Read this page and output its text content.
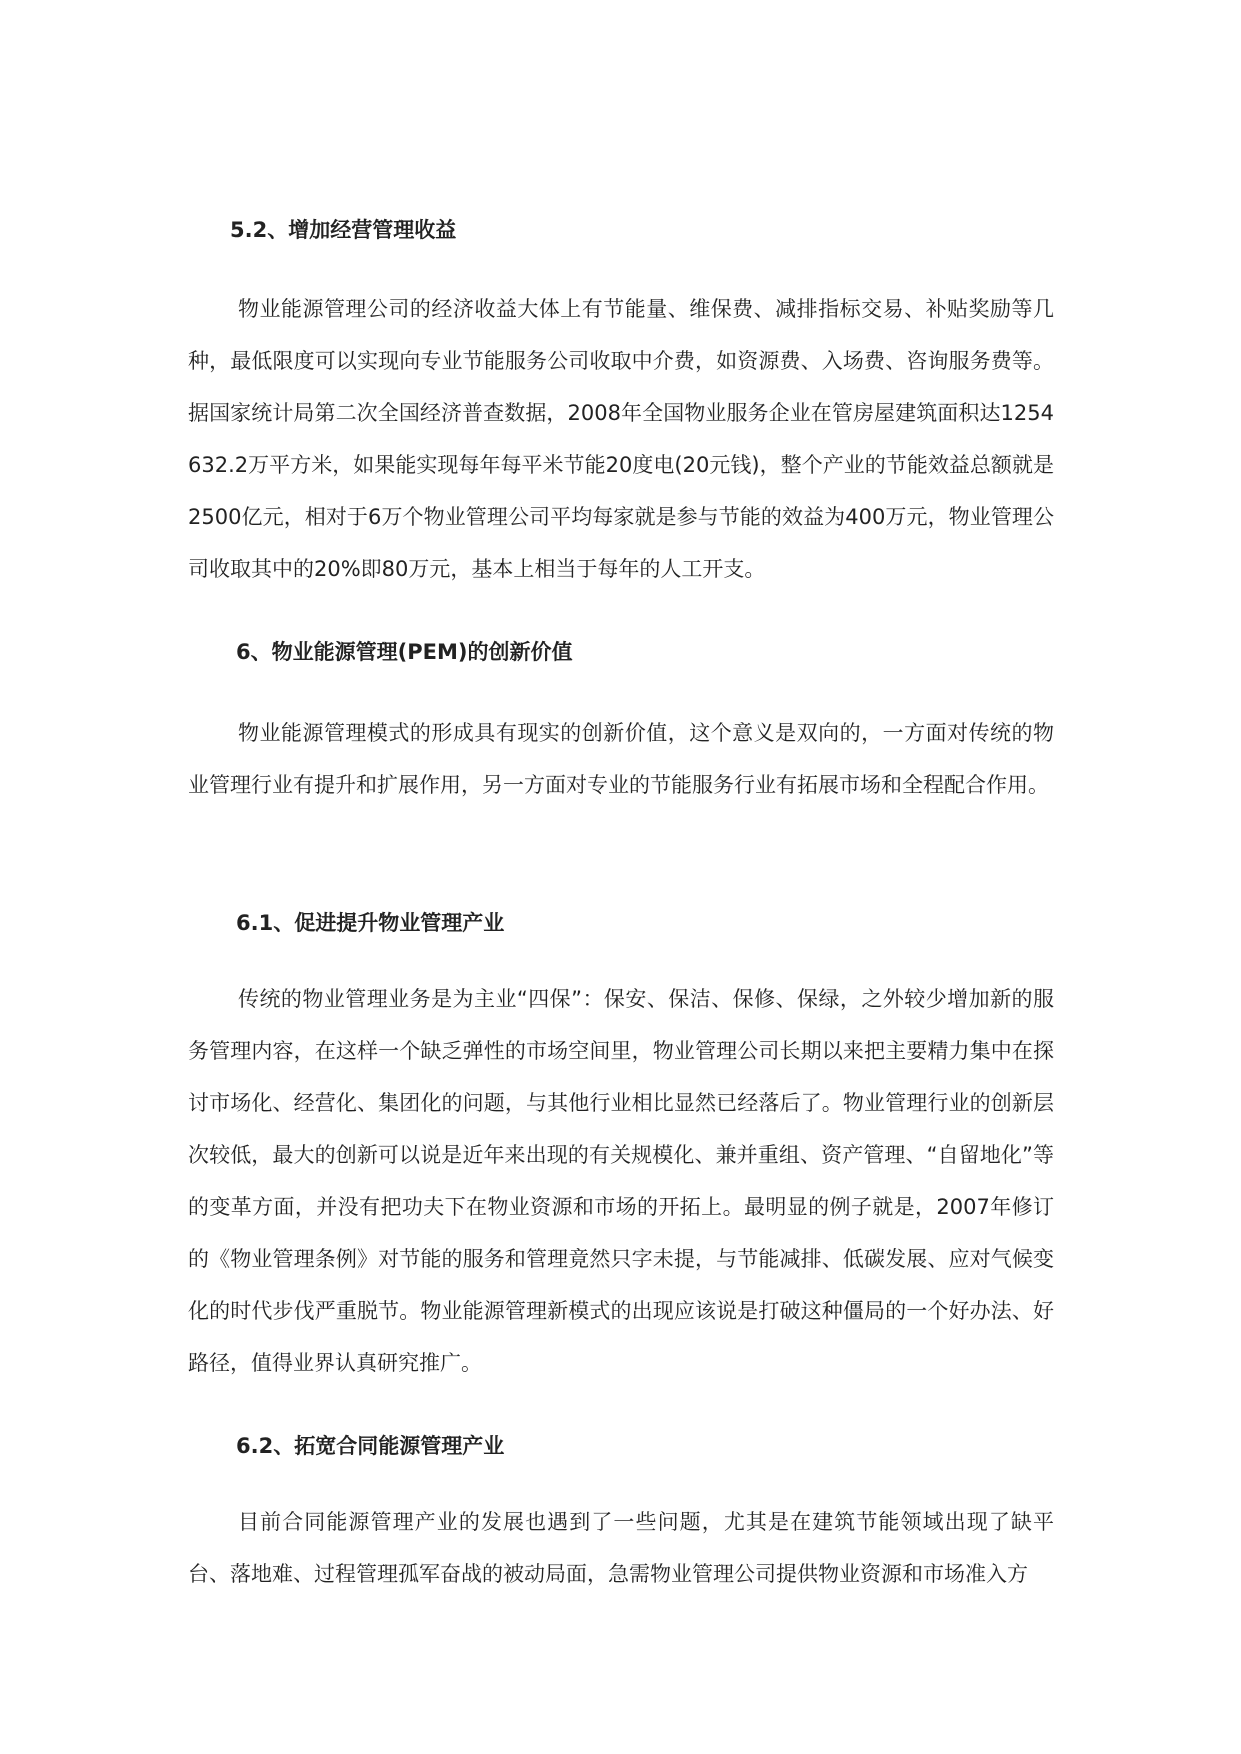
5.2、增加经营管理收益

物业能源管理公司的经济收益大体上有节能量、维保费、减排指标交易、补贴奖励等几种，最低限度可以实现向专业节能服务公司收取中介费，如资源费、入场费、咨询服务费等。据国家统计局第二次全国经济普查数据，2008年全国物业服务企业在管房屋建筑面积达1254632.2万平方米，如果能实现每年每平米节能20度电(20元钱)，整个产业的节能效益总额就是2500亿元，相对于6万个物业管理公司平均每家就是参与节能的效益为400万元，物业管理公司收取其中的20%即80万元，基本上相当于每年的人工开支。

6、物业能源管理(PEM)的创新价值

物业能源管理模式的形成具有现实的创新价值，这个意义是双向的，一方面对传统的物业管理行业有提升和扩展作用，另一方面对专业的节能服务行业有拓展市场和全程配合作用。

6.1、促进提升物业管理产业

传统的物业管理业务是为主业“四保”：保安、保洁、保修、保绿，之外较少增加新的服务管理内容，在这样一个缺乏弹性的市场空间里，物业管理公司长期以来把主要精力集中在探讨市场化、经营化、集团化的问题，与其他行业相比显然已经落后了。物业管理行业的创新层次较低，最大的创新可以说是近年来出现的有关规模化、兼并重组、资产管理、“自留地化”等的变革方面，并没有把功夫下在物业资源和市场的开拓上。最明显的例子就是，2007年修订的《物业管理条例》对节能的服务和管理竟然只字未提，与节能减排、低碳发展、应对气候变化的时代步伐严重脱节。物业能源管理新模式的出现应该说是打破这种僵局的一个好办法、好路径，值得业界认真研究推广。

6.2、拓宽合同能源管理产业

目前合同能源管理产业的发展也遇到了一些问题，尤其是在建筑节能领域出现了缺平台、落地难、过程管理孤军奋战的被动局面，急需物业管理公司提供物业资源和市场准入方
